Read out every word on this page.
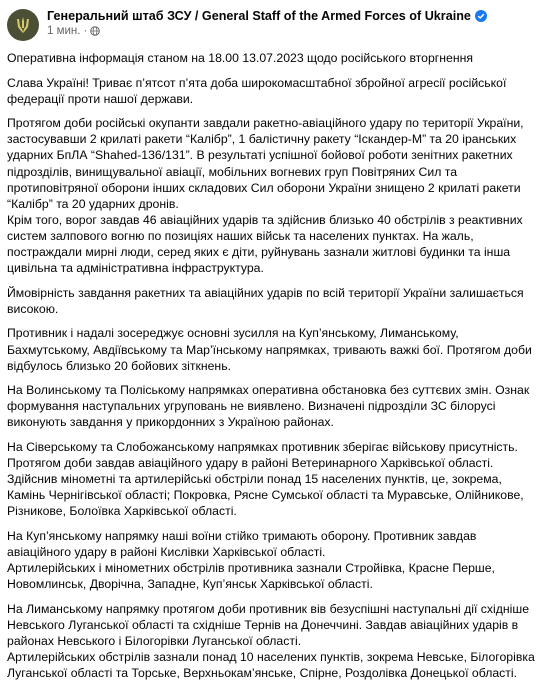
Генеральний штаб ЗСУ / General Staff of the Armed Forces of Ukraine
1 мин. ·
Оперативна інформація станом на 18.00 13.07.2023 щодо російського вторгнення
Слава Україні! Триває п’ятсот п’ята доба широкомасштабної збройної агресії російської
федерації проти нашої держави.
Протягом доби російські окупанти завдали ракетно-авіаційного удару по території України,
застосувавши 2 крилаті ракети “Калібр”, 1 балістичну ракету “Іскандер-М” та 20 іранських
ударних БпЛА “Shahed-136/131”. В результаті успішної бойової роботи зенітних ракетних
підрозділів, винищувальної авіації, мобільних вогневих груп Повітряних Сил та
протиповітряної оборони інших складових Сил оборони України знищено 2 крилаті ракети
“Калібр” та 20 ударних дронів.
Крім того, ворог завдав 46 авіаційних ударів та здійснив близько 40 обстрілів з реактивних
систем залпового вогню по позиціях наших військ та населених пунктах. На жаль,
постраждали мирні люди, серед яких є діти, руйнувань зазнали житлові будинки та інша
цивільна та адміністративна інфраструктура.
Ймовірність завдання ракетних та авіаційних ударів по всій території України залишається
високою.
Противник і надалі зосереджує основні зусилля на Куп’янському, Лиманському,
Бахмутському, Авдіївському та Мар’їнському напрямках, тривають важкі бої. Протягом доби
відбулось близько 20 бойових зіткнень.
На Волинському та Поліському напрямках оперативна обстановка без суттєвих змін. Ознак
формування наступальних угруповань не виявлено. Визначені підрозділи ЗС білорусі
виконують завдання у прикордонних з Україною районах.
На Сіверському та Слобожанському напрямках противник зберігає військову присутність.
Протягом доби завдав авіаційного удару в районі Ветеринарного Харківської області.
Здійснив мінометні та артилерійські обстріли понад 15 населених пунктів, це, зокрема,
Камінь Чернігівської області; Покровка, Рясне Сумської області та Муравське, Олійникове,
Різникове, Болоївка Харківської області.
На Куп’янському напрямку наші воїни стійко тримають оборону. Противник завдав
авіаційного удару в районі Кислівки Харківської області.
Артилерійських і мінометних обстрілів противника зазнали Стройівка, Красне Перше,
Новомлинськ, Дворічна, Западне, Куп’янськ Харківської області.
На Лиманському напрямку протягом доби противник вів безуспішні наступальні дії східніше
Невського Луганської області та східніше Тернів на Донеччині. Завдав авіаційних ударів в
районах Невського і Білогорівки Луганської області.
Артилерійських обстрілів зазнали понад 10 населених пунктів, зокрема Невське, Білогорівка
Луганської області та Торське, Верхньокам’янське, Спірне, Роздолівка Донецької області.
